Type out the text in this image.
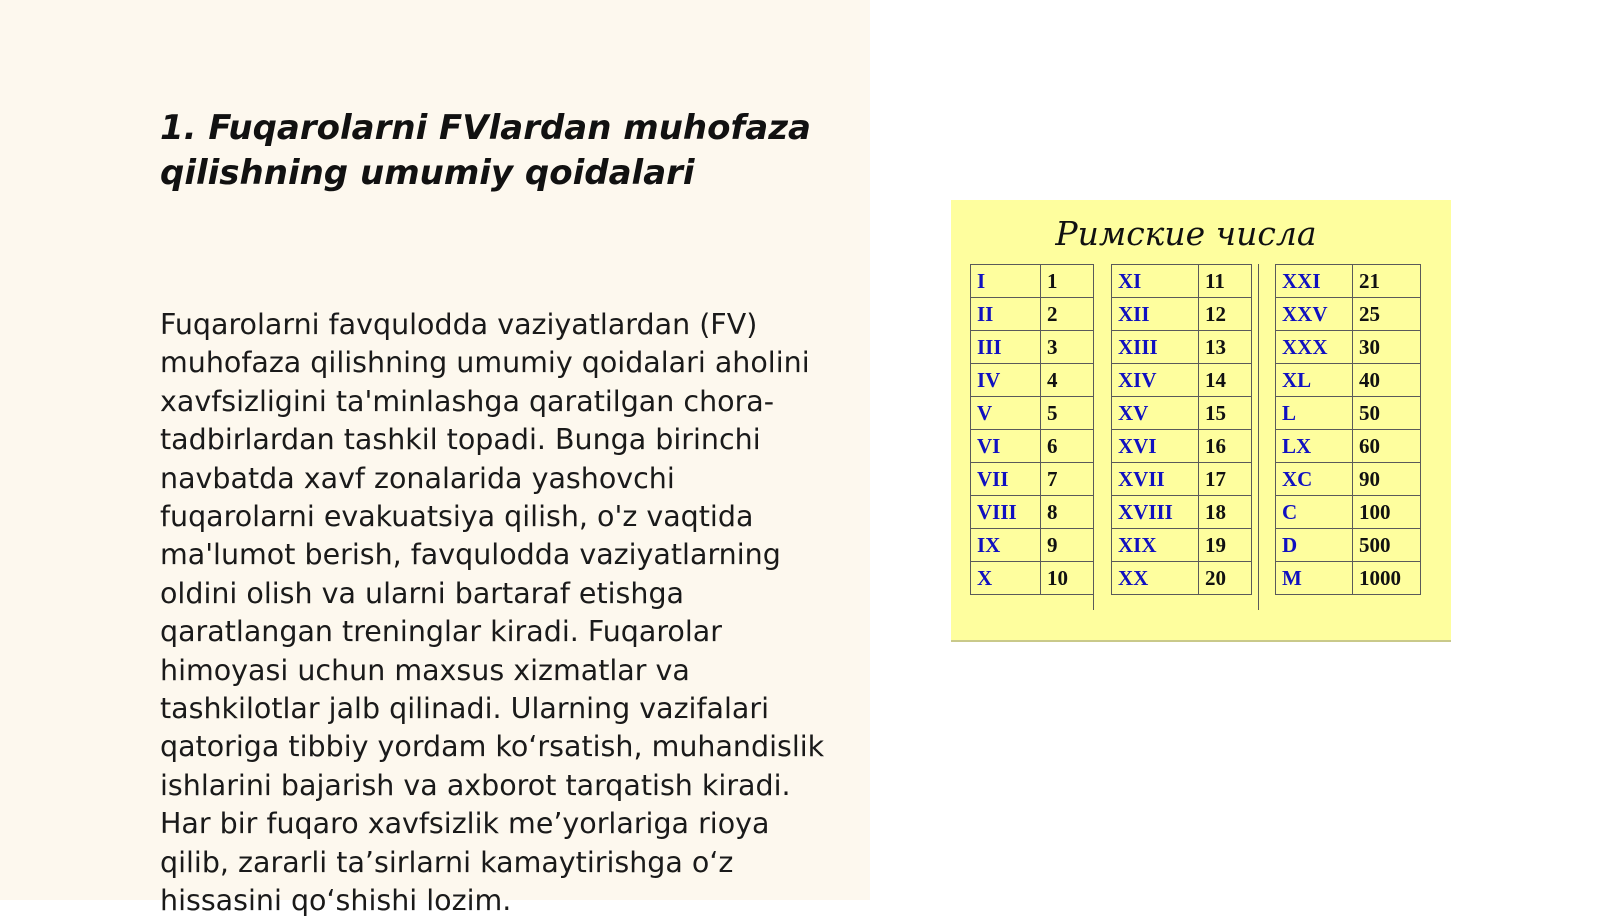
1. Fuqarolarni FVlardan muhofaza qilishning umumiy qoidalari

Fuqarolarni favqulodda vaziyatlardan (FV) muhofaza qilishning umumiy qoidalari aholini xavfsizligini ta'minlashga qaratilgan chora-tadbirlardan tashkil topadi. Bunga birinchi navbatda xavf zonalarida yashovchi fuqarolarni evakuatsiya qilish, o'z vaqtida ma'lumot berish, favqulodda vaziyatlarning oldini olish va ularni bartaraf etishga qaratlangan treninglar kiradi. Fuqarolar himoyasi uchun maxsus xizmatlar va tashkilotlar jalb qilinadi. Ularning vazifalari qatoriga tibbiy yordam ko‘rsatish, muhandislik ishlarini bajarish va axborot tarqatish kiradi. Har bir fuqaro xavfsizlik me’yorlariga rioya qilib, zararli ta’sirlarni kamaytirishga o‘z hissasini qo‘shishi lozim.

Римские числа
I	1
II	2
III	3
IV	4
V	5
VI	6
VII	7
VIII	8
IX	9
X	10
XI	11
XII	12
XIII	13
XIV	14
XV	15
XVI	16
XVII	17
XVIII	18
XIX	19
XX	20
XXI	21
XXV	25
XXX	30
XL	40
L	50
LX	60
XC	90
C	100
D	500
M	1000
